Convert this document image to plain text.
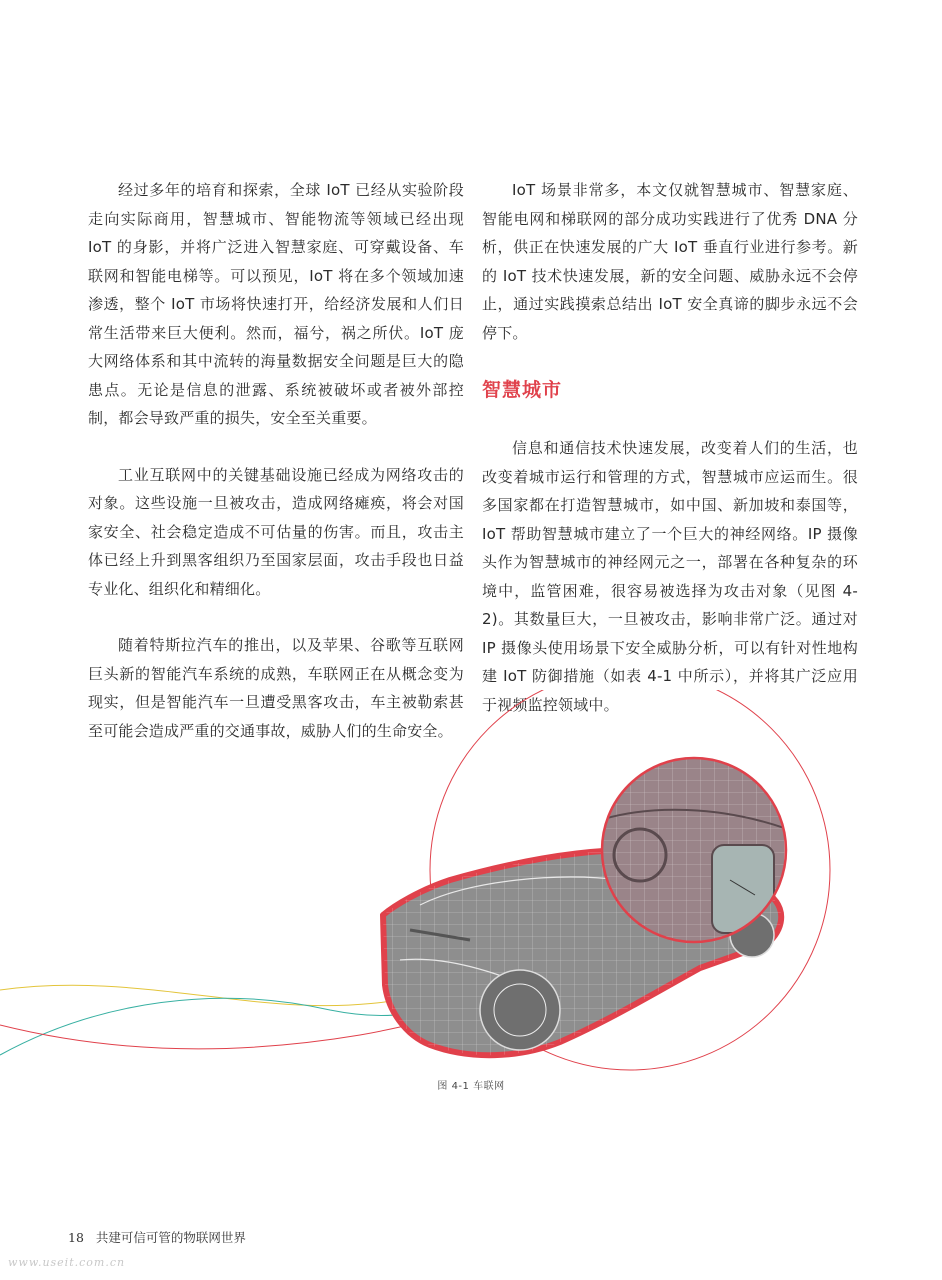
经过多年的培育和探索，全球 IoT 已经从实验阶段走向实际商用，智慧城市、智能物流等领域已经出现 IoT 的身影，并将广泛进入智慧家庭、可穿戴设备、车联网和智能电梯等。可以预见，IoT 将在多个领域加速渗透，整个 IoT 市场将快速打开，给经济发展和人们日常生活带来巨大便利。然而，福兮，祸之所伏。IoT 庞大网络体系和其中流转的海量数据安全问题是巨大的隐患点。无论是信息的泄露、系统被破坏或者被外部控制，都会导致严重的损失，安全至关重要。

工业互联网中的关键基础设施已经成为网络攻击的对象。这些设施一旦被攻击，造成网络瘫痪，将会对国家安全、社会稳定造成不可估量的伤害。而且，攻击主体已经上升到黑客组织乃至国家层面，攻击手段也日益专业化、组织化和精细化。

随着特斯拉汽车的推出，以及苹果、谷歌等互联网巨头新的智能汽车系统的成熟，车联网正在从概念变为现实，但是智能汽车一旦遭受黑客攻击，车主被勒索甚至可能会造成严重的交通事故，威胁人们的生命安全。

IoT 场景非常多，本文仅就智慧城市、智慧家庭、智能电网和梯联网的部分成功实践进行了优秀 DNA 分析，供正在快速发展的广大 IoT 垂直行业进行参考。新的 IoT 技术快速发展，新的安全问题、威胁永远不会停止，通过实践摸索总结出 IoT 安全真谛的脚步永远不会停下。

智慧城市

信息和通信技术快速发展，改变着人们的生活，也改变着城市运行和管理的方式，智慧城市应运而生。很多国家都在打造智慧城市，如中国、新加坡和泰国等，IoT 帮助智慧城市建立了一个巨大的神经网络。IP 摄像头作为智慧城市的神经网元之一，部署在各种复杂的环境中，监管困难，很容易被选择为攻击对象（见图 4-2)。其数量巨大，一旦被攻击，影响非常广泛。通过对 IP 摄像头使用场景下安全威胁分析，可以有针对性地构建 IoT 防御措施（如表 4-1 中所示），并将其广泛应用于视频监控领域中。

图 4-1 车联网
18 共建可信可管的物联网世界
www.useit.com.cn
